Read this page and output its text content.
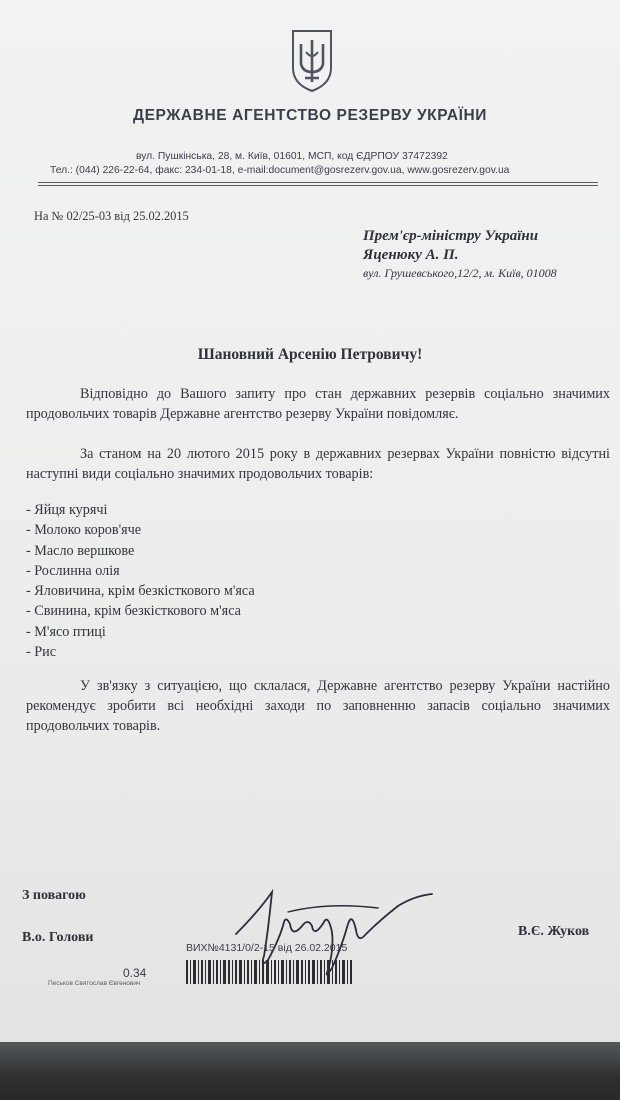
ДЕРЖАВНЕ АГЕНТСТВО РЕЗЕРВУ УКРАЇНИ
вул. Пушкінська, 28, м. Київ, 01601, МСП, код ЄДРПОУ 37472392
Тел.: (044) 226-22-64, факс: 234-01-18, e-mail:document@gosrezerv.gov.ua, www.gosrezerv.gov.ua
На № 02/25-03 від 25.02.2015
Прем'єр-міністру України
Яценюку А. П.
вул. Грушевського,12/2, м. Київ, 01008
Шановний Арсенію Петровичу!
Відповідно до Вашого запиту про стан державних резервів соціально значимих продовольчих товарів Державне агентство резерву України повідомляє.
За станом на 20 лютого 2015 року в державних резервах України повністю відсутні наступні види соціально значимих продовольчих товарів:
- Яйця курячі
- Молоко коров'яче
- Масло вершкове
- Рослинна олія
- Яловичина, крім безкісткового м'яса
- Свинина, крім безкісткового м'яса
- М'ясо птиці
- Рис
У зв'язку з ситуацією, що склалася, Державне агентство резерву України настійно рекомендує зробити всі необхідні заходи по заповненню запасів соціально значимих продовольчих товарів.
З повагою
В.о. Голови	В.Є. Жуков
ВИХ№4131/0/2-15 від 26.02.2015
0.34
Песьков Святослав Євгенович
